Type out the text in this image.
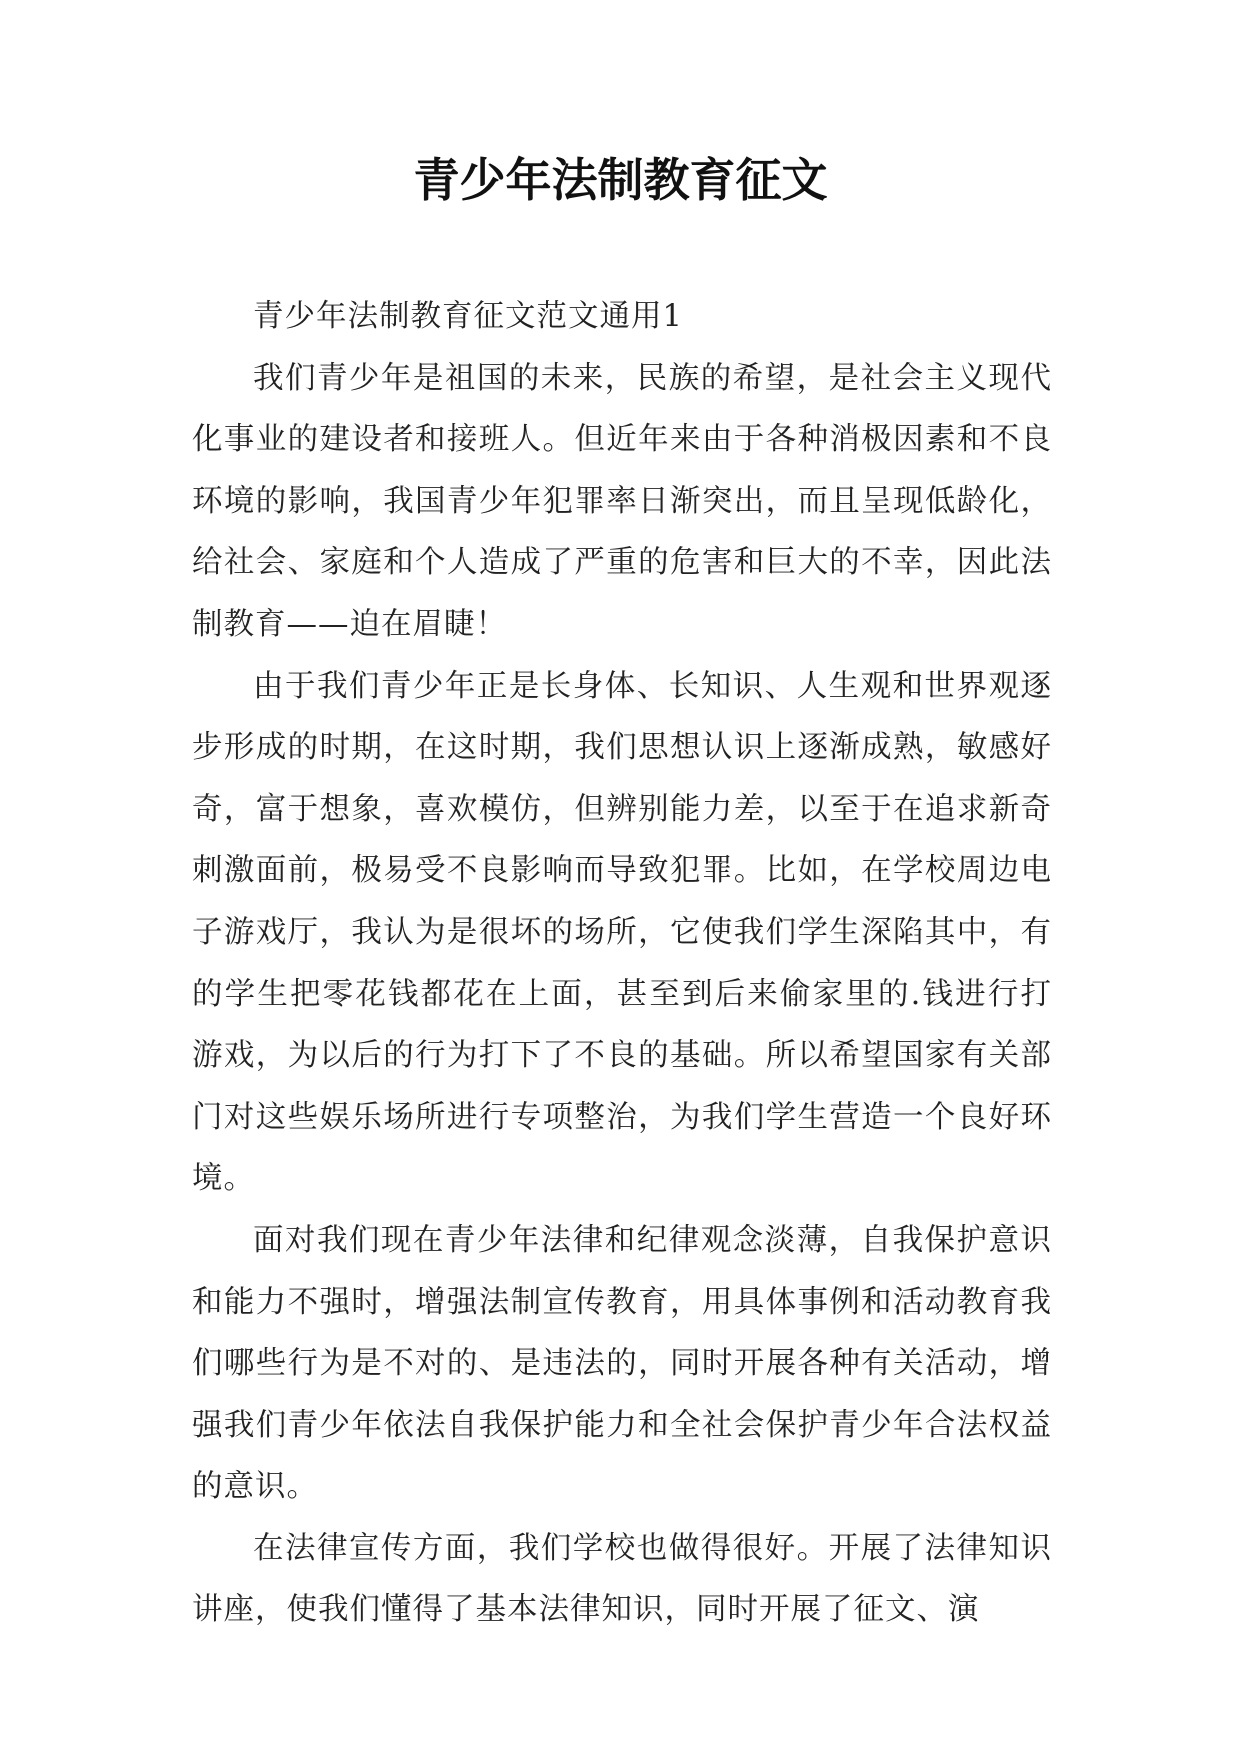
青少年法制教育征文

青少年法制教育征文范文通用1

我们青少年是祖国的未来，民族的希望，是社会主义现代化事业的建设者和接班人。但近年来由于各种消极因素和不良环境的影响，我国青少年犯罪率日渐突出，而且呈现低龄化，给社会、家庭和个人造成了严重的危害和巨大的不幸，因此法制教育——迫在眉睫！

由于我们青少年正是长身体、长知识、人生观和世界观逐步形成的时期，在这时期，我们思想认识上逐渐成熟，敏感好奇，富于想象，喜欢模仿，但辨别能力差，以至于在追求新奇刺激面前，极易受不良影响而导致犯罪。比如，在学校周边电子游戏厅，我认为是很坏的场所，它使我们学生深陷其中，有的学生把零花钱都花在上面，甚至到后来偷家里的.钱进行打游戏，为以后的行为打下了不良的基础。所以希望国家有关部门对这些娱乐场所进行专项整治，为我们学生营造一个良好环境。

面对我们现在青少年法律和纪律观念淡薄，自我保护意识和能力不强时，增强法制宣传教育，用具体事例和活动教育我们哪些行为是不对的、是违法的，同时开展各种有关活动，增强我们青少年依法自我保护能力和全社会保护青少年合法权益的意识。

在法律宣传方面，我们学校也做得很好。开展了法律知识讲座，使我们懂得了基本法律知识，同时开展了征文、演
